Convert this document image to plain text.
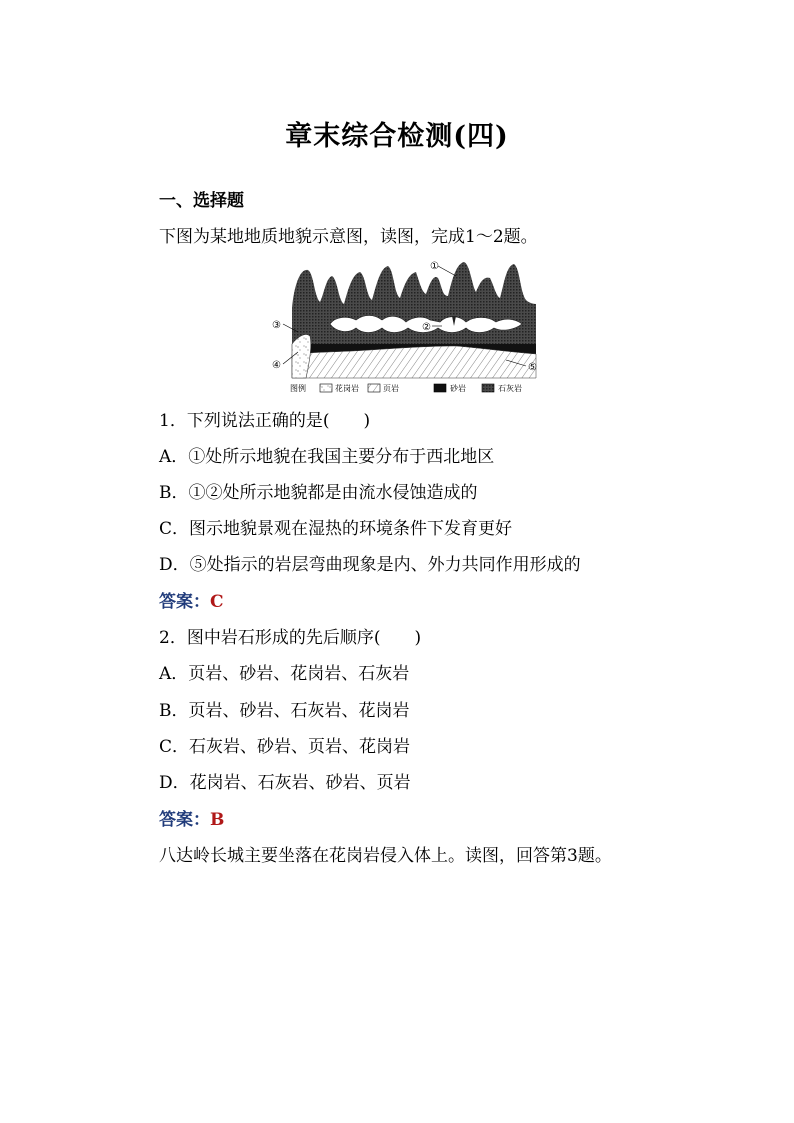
章末综合检测(四)
一、选择题
下图为某地地质地貌示意图，读图，完成1～2题。
①
②
③
④	⑤
图例	花岗岩	页岩	砂岩	石灰岩
1．下列说法正确的是(　　)
A．①处所示地貌在我国主要分布于西北地区
B．①②处所示地貌都是由流水侵蚀造成的
C．图示地貌景观在湿热的环境条件下发育更好
D．⑤处指示的岩层弯曲现象是内、外力共同作用形成的
答案：C
2．图中岩石形成的先后顺序(　　)
A．页岩、砂岩、花岗岩、石灰岩
B．页岩、砂岩、石灰岩、花岗岩
C．石灰岩、砂岩、页岩、花岗岩
D．花岗岩、石灰岩、砂岩、页岩
答案：B
八达岭长城主要坐落在花岗岩侵入体上。读图，回答第3题。
